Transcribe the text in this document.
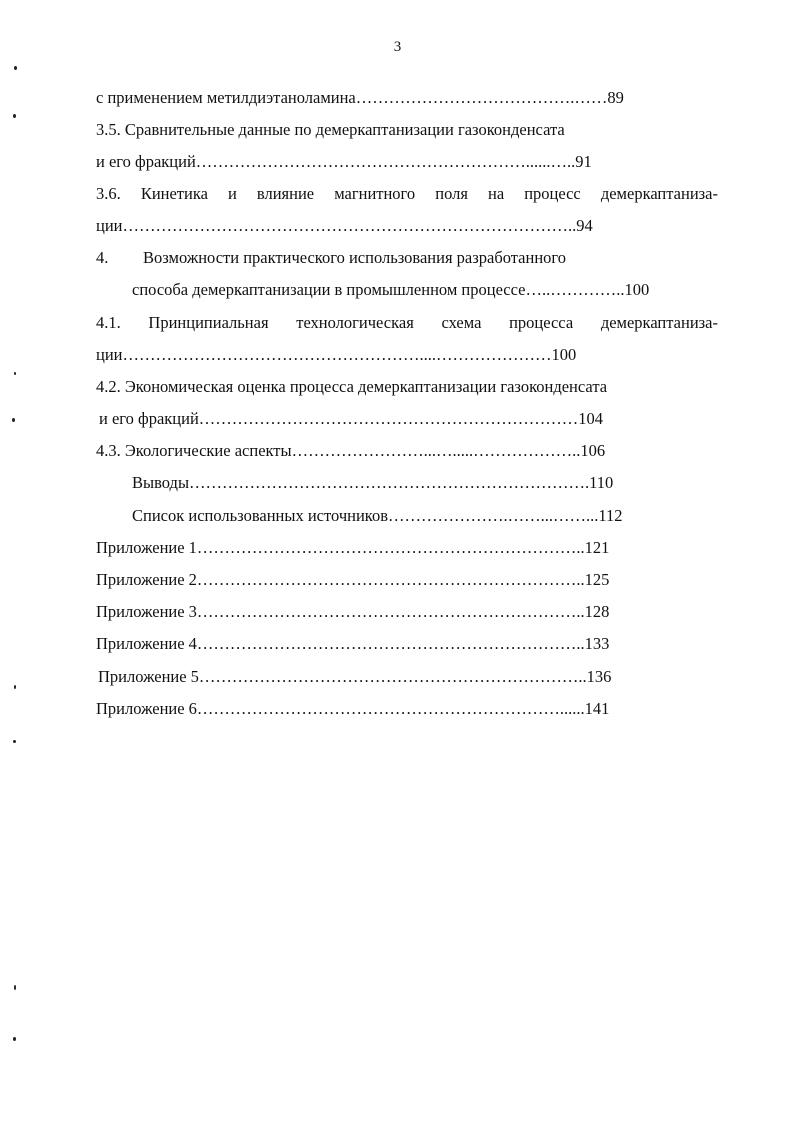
3
с применением метилдиэтаноламина………………………………….……89
3.5. Сравнительные данные по демеркаптанизации газоконденсата
и его фракций……………………………………………………......…..91
3.6. Кинетика и влияние магнитного поля на процесс демеркаптаниза-
ции………………………………………………………………………..94
4. Возможности практического использования разработанного
способа демеркаптанизации в промышленном процессе…..…………..100
4.1. Принципиальная технологическая схема процесса демеркаптаниза-
ции………………………………………………....…………………100
4.2. Экономическая оценка процесса демеркаптанизации газоконденсата
и его фракций……………………………………………………………104
4.3. Экологические аспекты……………………...….....………………..106
Выводы……………………………………………………………….110
Список использованных источников………………….……...……...112
Приложение 1……………………………………………………………..121
Приложение 2……………………………………………………………..125
Приложение 3……………………………………………………………..128
Приложение 4……………………………………………………………..133
Приложение 5……………………………………………………………..136
Приложение 6…………………………………………………………......141
